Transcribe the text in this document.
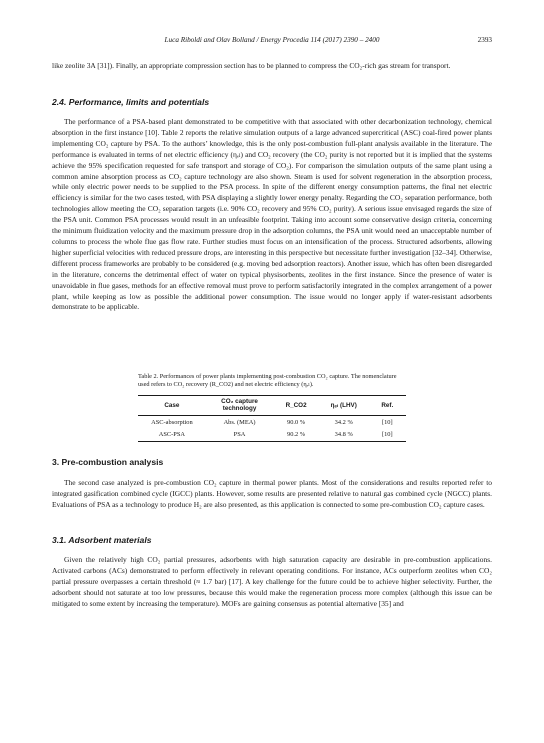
Luca Riboldi and Olav Bolland / Energy Procedia 114 (2017) 2390 – 2400	2393

like zeolite 3A [31]). Finally, an appropriate compression section has to be planned to compress the CO₂-rich gas stream for transport.

2.4. Performance, limits and potentials

The performance of a PSA-based plant demonstrated to be competitive with that associated with other decarbonization technology, chemical absorption in the first instance [10]. Table 2 reports the relative simulation outputs of a large advanced supercritical (ASC) coal-fired power plants implementing CO₂ capture by PSA. To the authors’ knowledge, this is the only post-combustion full-plant analysis available in the literature. The performance is evaluated in terms of net electric efficiency (ηₑₗ) and CO₂ recovery (the CO₂ purity is not reported but it is implied that the systems achieve the 95% specification requested for safe transport and storage of CO₂). For comparison the simulation outputs of the same plant using a common amine absorption process as CO₂ capture technology are also shown. Steam is used for solvent regeneration in the absorption process, while only electric power needs to be supplied to the PSA process. In spite of the different energy consumption patterns, the final net electric efficiency is similar for the two cases tested, with PSA displaying a slightly lower energy penalty. Regarding the CO₂ separation performance, both technologies allow meeting the CO₂ separation targets (i.e. 90% CO₂ recovery and 95% CO₂ purity). A serious issue envisaged regards the size of the PSA unit. Common PSA processes would result in an unfeasible footprint. Taking into account some conservative design criteria, concerning the minimum fluidization velocity and the maximum pressure drop in the adsorption columns, the PSA unit would need an unacceptable number of columns to process the whole flue gas flow rate. Further studies must focus on an intensification of the process. Structured adsorbents, allowing higher superficial velocities with reduced pressure drops, are interesting in this perspective but necessitate further investigation [32–34]. Otherwise, different process frameworks are probably to be considered (e.g. moving bed adsorption reactors). Another issue, which has often been disregarded in the literature, concerns the detrimental effect of water on typical physisorbents, zeolites in the first instance. Since the presence of water is unavoidable in flue gases, methods for an effective removal must prove to perform satisfactorily integrated in the complex arrangement of a power plant, while keeping as low as possible the additional power consumption. The issue would no longer apply if water-resistant adsorbents demonstrate to be applicable.

Table 2. Performances of power plants implementing post-combustion CO₂ capture. The nomenclature used refers to CO₂ recovery (R_CO2) and net electric efficiency (ηₑₗ).

Case	CO₂ capture technology	R_CO2	ηₑₗ (LHV)	Ref.
ASC-absorption	Abs. (MEA)	90.0 %	34.2 %	[10]
ASC-PSA	PSA	90.2 %	34.8 %	[10]
3. Pre-combustion analysis

The second case analyzed is pre-combustion CO₂ capture in thermal power plants. Most of the considerations and results reported refer to integrated gasification combined cycle (IGCC) plants. However, some results are presented relative to natural gas combined cycle (NGCC) plants. Evaluations of PSA as a technology to produce H₂ are also presented, as this application is connected to some pre-combustion CO₂ capture cases.

3.1. Adsorbent materials

Given the relatively high CO₂ partial pressures, adsorbents with high saturation capacity are desirable in pre-combustion applications. Activated carbons (ACs) demonstrated to perform effectively in relevant operating conditions. For instance, ACs outperform zeolites when CO₂ partial pressure overpasses a certain threshold (≈ 1.7 bar) [17]. A key challenge for the future could be to achieve higher selectivity. Further, the adsorbent should not saturate at too low pressures, because this would make the regeneration process more complex (although this issue can be mitigated to some extent by increasing the temperature). MOFs are gaining consensus as potential alternative [35] and
